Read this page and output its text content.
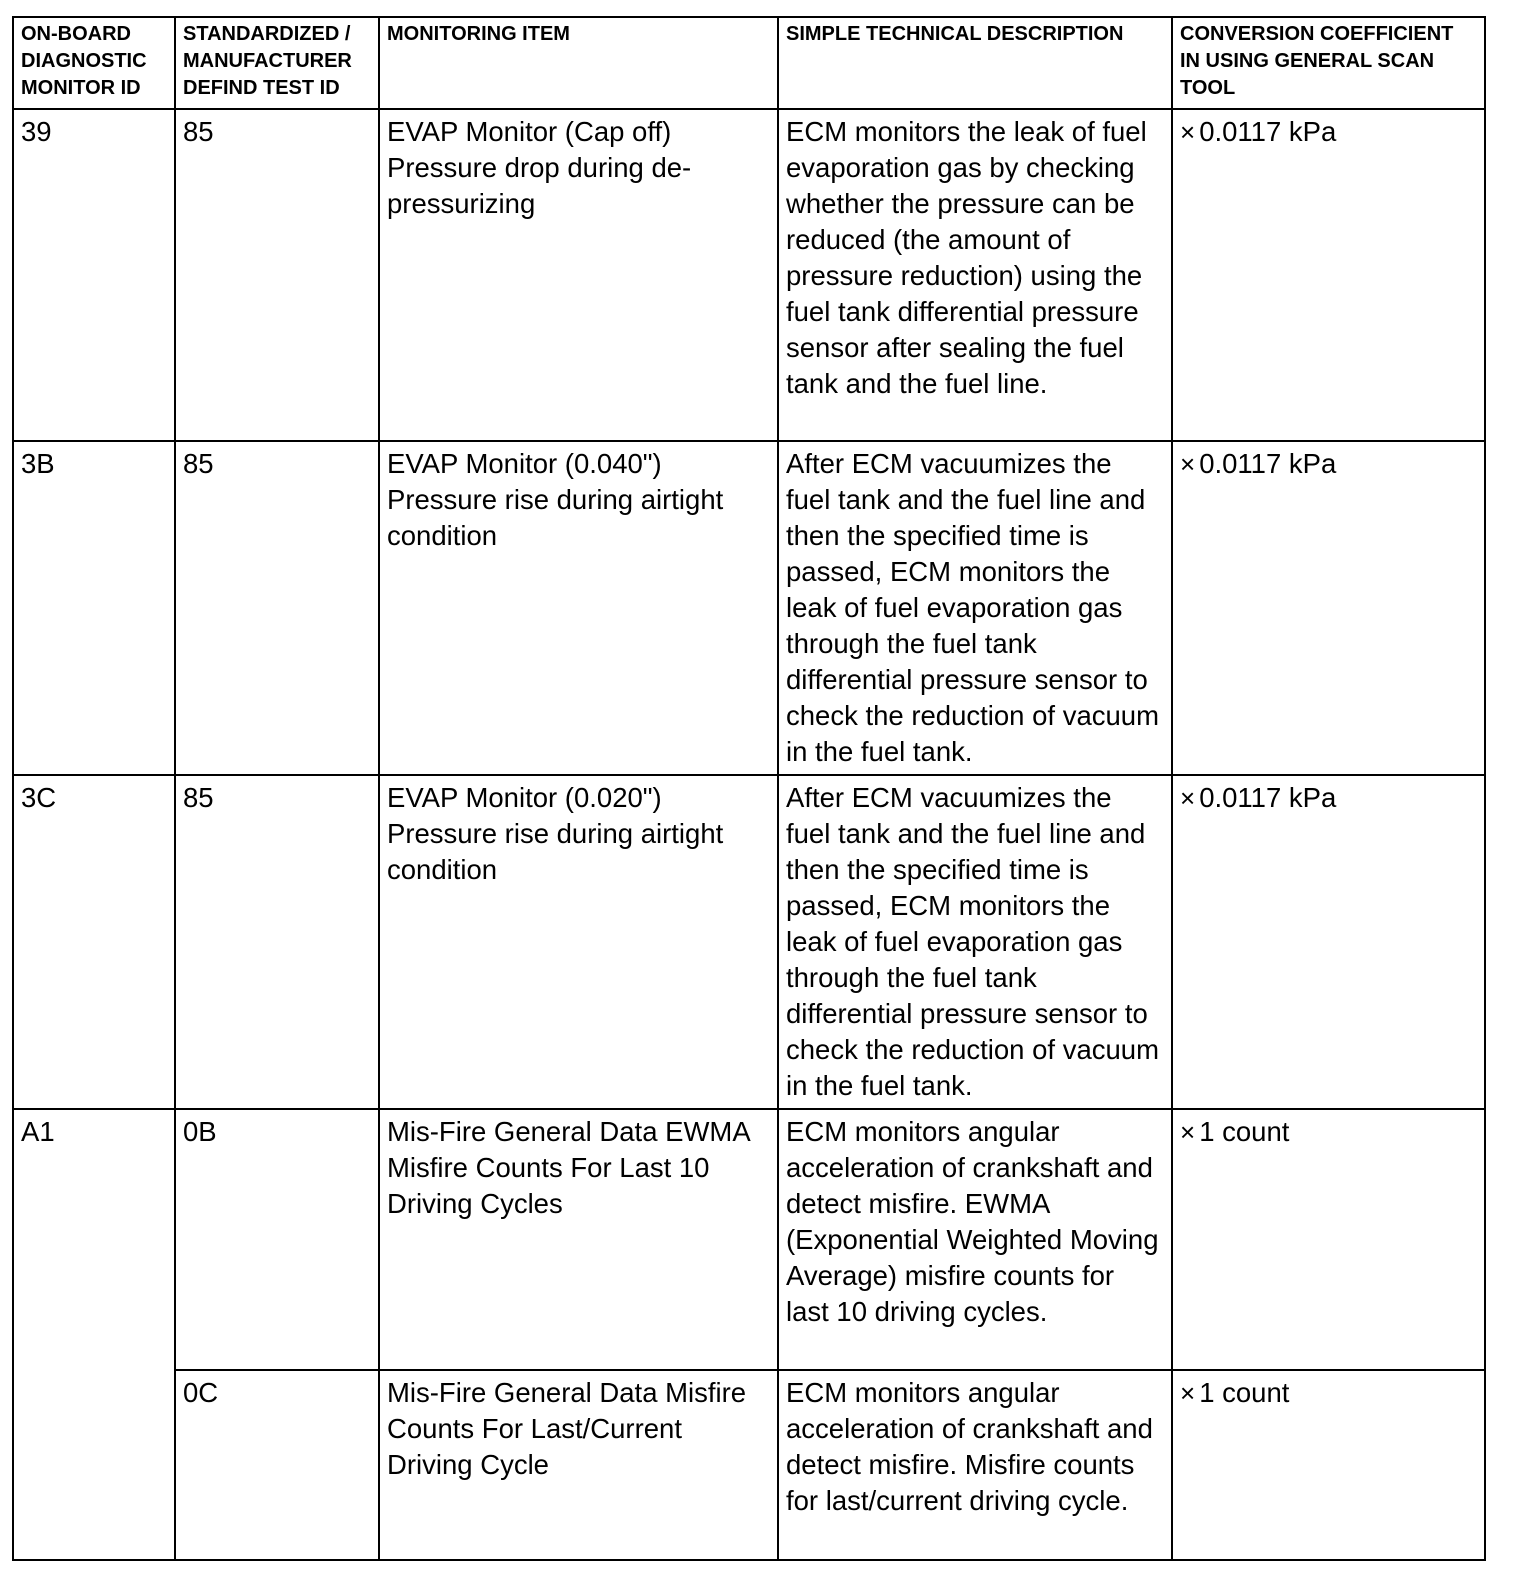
ON-BOARD DIAGNOSTIC MONITOR ID	STANDARDIZED / MANUFACTURER DEFIND TEST ID	MONITORING ITEM	SIMPLE TECHNICAL DESCRIPTION	CONVERSION COEFFICIENT IN USING GENERAL SCAN TOOL
39	85	EVAP Monitor (Cap off) Pressure drop during de-pressurizing	ECM monitors the leak of fuel evaporation gas by checking whether the pressure can be reduced (the amount of pressure reduction) using the fuel tank differential pressure sensor after sealing the fuel tank and the fuel line.	× 0.0117 kPa
3B	85	EVAP Monitor (0.040") Pressure rise during airtight condition	After ECM vacuumizes the fuel tank and the fuel line and then the specified time is passed, ECM monitors the leak of fuel evaporation gas through the fuel tank differential pressure sensor to check the reduction of vacuum in the fuel tank.	× 0.0117 kPa
3C	85	EVAP Monitor (0.020") Pressure rise during airtight condition	After ECM vacuumizes the fuel tank and the fuel line and then the specified time is passed, ECM monitors the leak of fuel evaporation gas through the fuel tank differential pressure sensor to check the reduction of vacuum in the fuel tank.	× 0.0117 kPa
A1	0B	Mis-Fire General Data EWMA Misfire Counts For Last 10 Driving Cycles	ECM monitors angular acceleration of crankshaft and detect misfire. EWMA (Exponential Weighted Moving Average) misfire counts for last 10 driving cycles.	× 1 count
	0C	Mis-Fire General Data Misfire Counts For Last/Current Driving Cycle	ECM monitors angular acceleration of crankshaft and detect misfire. Misfire counts for last/current driving cycle.	× 1 count
